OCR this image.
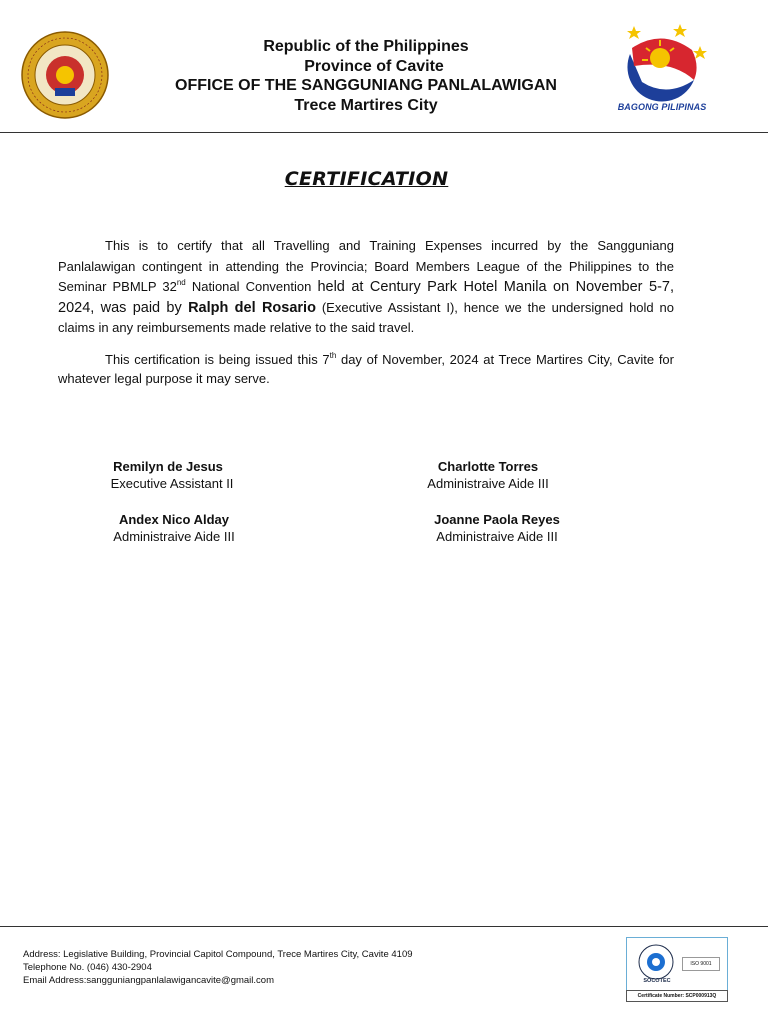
Republic of the Philippines
Province of Cavite
OFFICE OF THE SANGGUNIANG PANLALAWIGAN
Trece Martires City	BAGONG PILIPINAS
CERTIFICATION
This is to certify that all Travelling and Training Expenses incurred by the Sangguniang Panlalawigan contingent in attending the Provincia; Board Members League of the Philippines to the Seminar PBMLP 32nd National Convention held at Century Park Hotel Manila on November 5-7, 2024, was paid by Ralph del Rosario (Executive Assistant I), hence we the undersigned hold no claims in any reimbursements made relative to the said travel.
This certification is being issued this 7th day of November, 2024 at Trece Martires City, Cavite for whatever legal purpose it may serve.
Remilyn de Jesus
Executive Assistant II
Charlotte Torres
Administraive Aide III
Andex Nico Alday
Administraive Aide III
Joanne Paola Reyes
Administraive Aide III
Address: Legislative Building, Provincial Capitol Compound, Trece Martires City, Cavite 4109
Telephone No. (046) 430-2904
Email Address:sangguniangpanlalawigancavite@gmail.com	SOCOTEC
ISO 9001
Certificate Number: SCP000913Q
